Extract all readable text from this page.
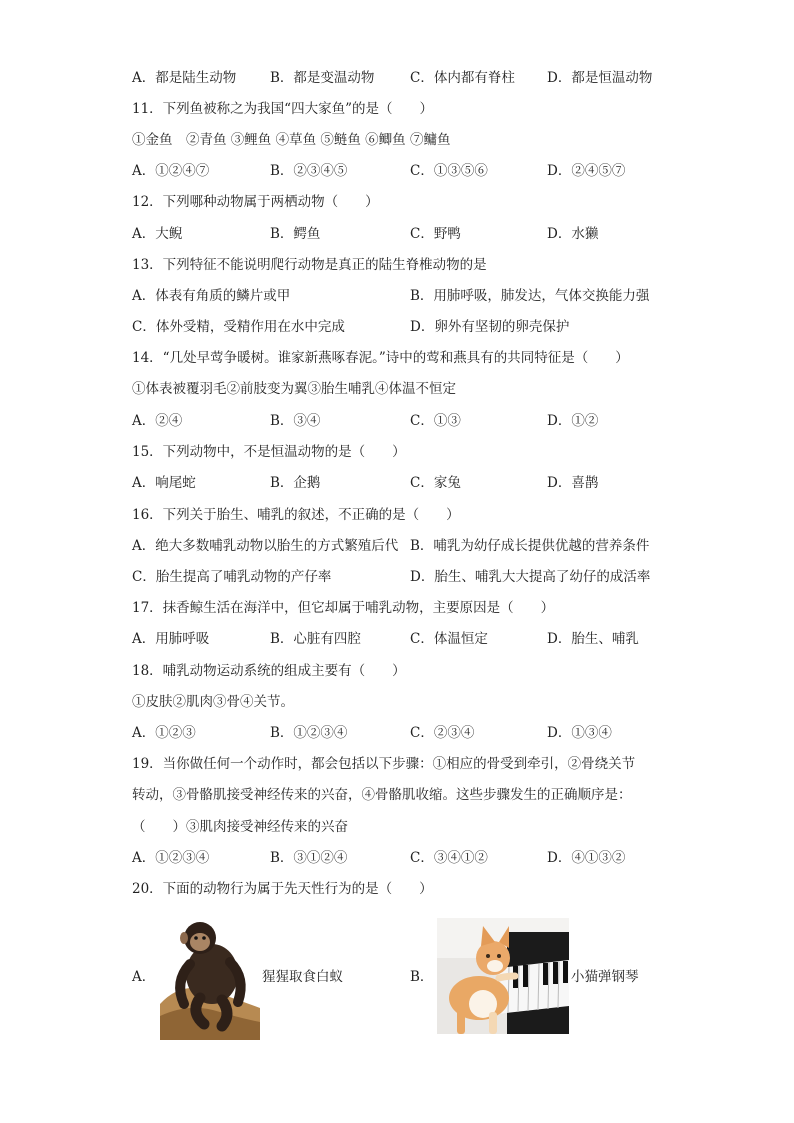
A．都是陆生动物	B．都是变温动物	C．体内都有脊柱 D．都是恒温动物
11．下列鱼被称之为我国“四大家鱼”的是（　　）
①金鱼　②青鱼 ③鲤鱼 ④草鱼 ⑤鲢鱼 ⑥鲫鱼 ⑦鳙鱼
A．①②④⑦	B．②③④⑤	C．①③⑤⑥	D．②④⑤⑦
12．下列哪种动物属于两栖动物（　　）
A．大鲵	B．鳄鱼	C．野鸭	D．水獭
13．下列特征不能说明爬行动物是真正的陆生脊椎动物的是
A．体表有角质的鳞片或甲	B．用肺呼吸，肺发达，气体交换能力强
C．体外受精，受精作用在水中完成	D．卵外有坚韧的卵壳保护
14．“几处早莺争暖树。谁家新燕啄春泥。”诗中的莺和燕具有的共同特征是（　　）
①体表被覆羽毛②前肢变为翼③胎生哺乳④体温不恒定
A．②④	B．③④	C．①③	D．①②
15．下列动物中，不是恒温动物的是（　　）
A．响尾蛇	B．企鹅	C．家兔	D．喜鹊
16．下列关于胎生、哺乳的叙述，不正确的是（　　）
A．绝大多数哺乳动物以胎生的方式繁殖后代 B．哺乳为幼仔成长提供优越的营养条件
C．胎生提高了哺乳动物的产仔率	D．胎生、哺乳大大提高了幼仔的成活率
17．抹香鲸生活在海洋中，但它却属于哺乳动物，主要原因是（　　）
A．用肺呼吸	B．心脏有四腔	C．体温恒定	D．胎生、哺乳
18．哺乳动物运动系统的组成主要有（　　）
①皮肤②肌肉③骨④关节。
A．①②③	B．①②③④	C．②③④	D．①③④
19．当你做任何一个动作时，都会包括以下步骤：①相应的骨受到牵引，②骨绕关节
转动，③骨骼肌接受神经传来的兴奋，④骨骼肌收缩。这些步骤发生的正确顺序是：
（　　）③肌肉接受神经传来的兴奋
A．①②③④	B．③①②④	C．③④①②	D．④①③②
20．下面的动物行为属于先天性行为的是（　　）
A．	猩猩取食白蚁	B．	小猫弹钢琴
